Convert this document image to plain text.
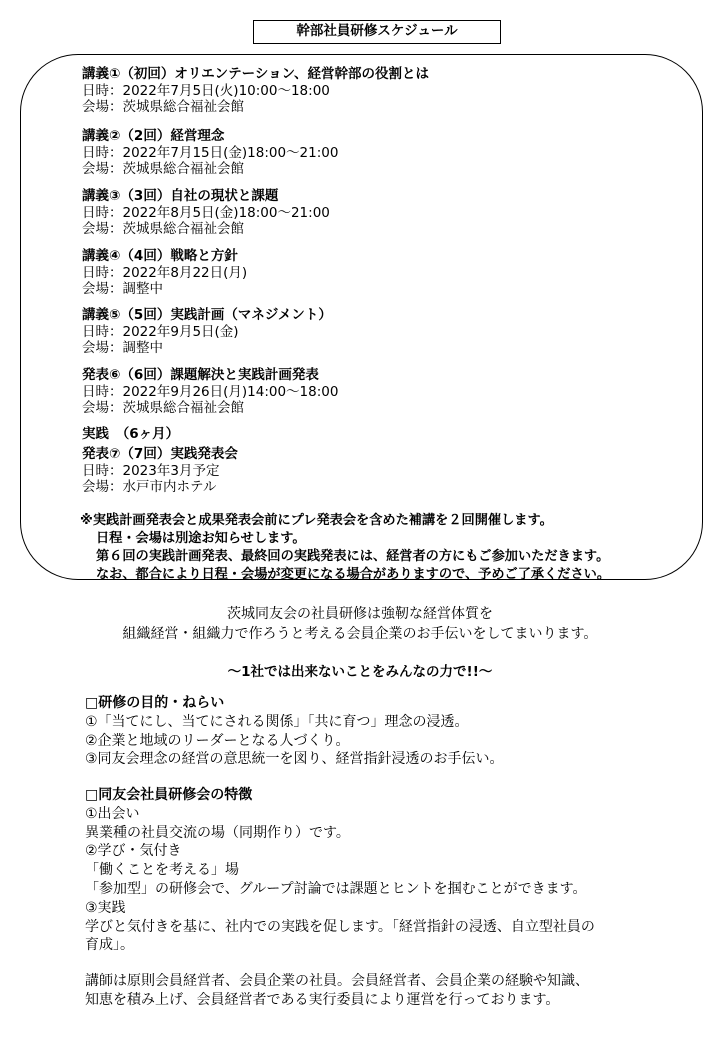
幹部社員研修スケジュール
講義①（初回）オリエンテーション、経営幹部の役割とは
日時：2022年7月5日(火)10:00～18:00
会場：茨城県総合福祉会館
講義②（2回）経営理念
日時：2022年7月15日(金)18:00～21:00
会場：茨城県総合福祉会館
講義③（3回）自社の現状と課題
日時：2022年8月5日(金)18:00～21:00
会場：茨城県総合福祉会館
講義④（4回）戦略と方針
日時：2022年8月22日(月)
会場：調整中
講義⑤（5回）実践計画（マネジメント）
日時：2022年9月5日(金)
会場：調整中
発表⑥（6回）課題解決と実践計画発表
日時：2022年9月26日(月)14:00～18:00
会場：茨城県総合福祉会館
実践　（6ヶ月）
発表⑦（7回）実践発表会
日時：2023年3月予定
会場：水戸市内ホテル
※実践計画発表会と成果発表会前にプレ発表会を含めた補講を２回開催します。
日程・会場は別途お知らせします。
第６回の実践計画発表、最終回の実践発表には、経営者の方にもご参加いただきます。
なお、都合により日程・会場が変更になる場合がありますので、予めご了承ください。
茨城同友会の社員研修は強靭な経営体質を
組織経営・組織力で作ろうと考える会員企業のお手伝いをしてまいります。
～1社では出来ないことをみんなの力で!!～
□研修の目的・ねらい
①「当てにし、当てにされる関係」「共に育つ」理念の浸透。
②企業と地域のリーダーとなる人づくり。
③同友会理念の経営の意思統一を図り、経営指針浸透のお手伝い。
□同友会社員研修会の特徴
①出会い
異業種の社員交流の場（同期作り）です。
②学び・気付き
「働くことを考える」場
「参加型」の研修会で、グループ討論では課題とヒントを掴むことができます。
③実践
学びと気付きを基に、社内での実践を促します。「経営指針の浸透、自立型社員の
育成」。
講師は原則会員経営者、会員企業の社員。会員経営者、会員企業の経験や知識、
知恵を積み上げ、会員経営者である実行委員により運営を行っております。
